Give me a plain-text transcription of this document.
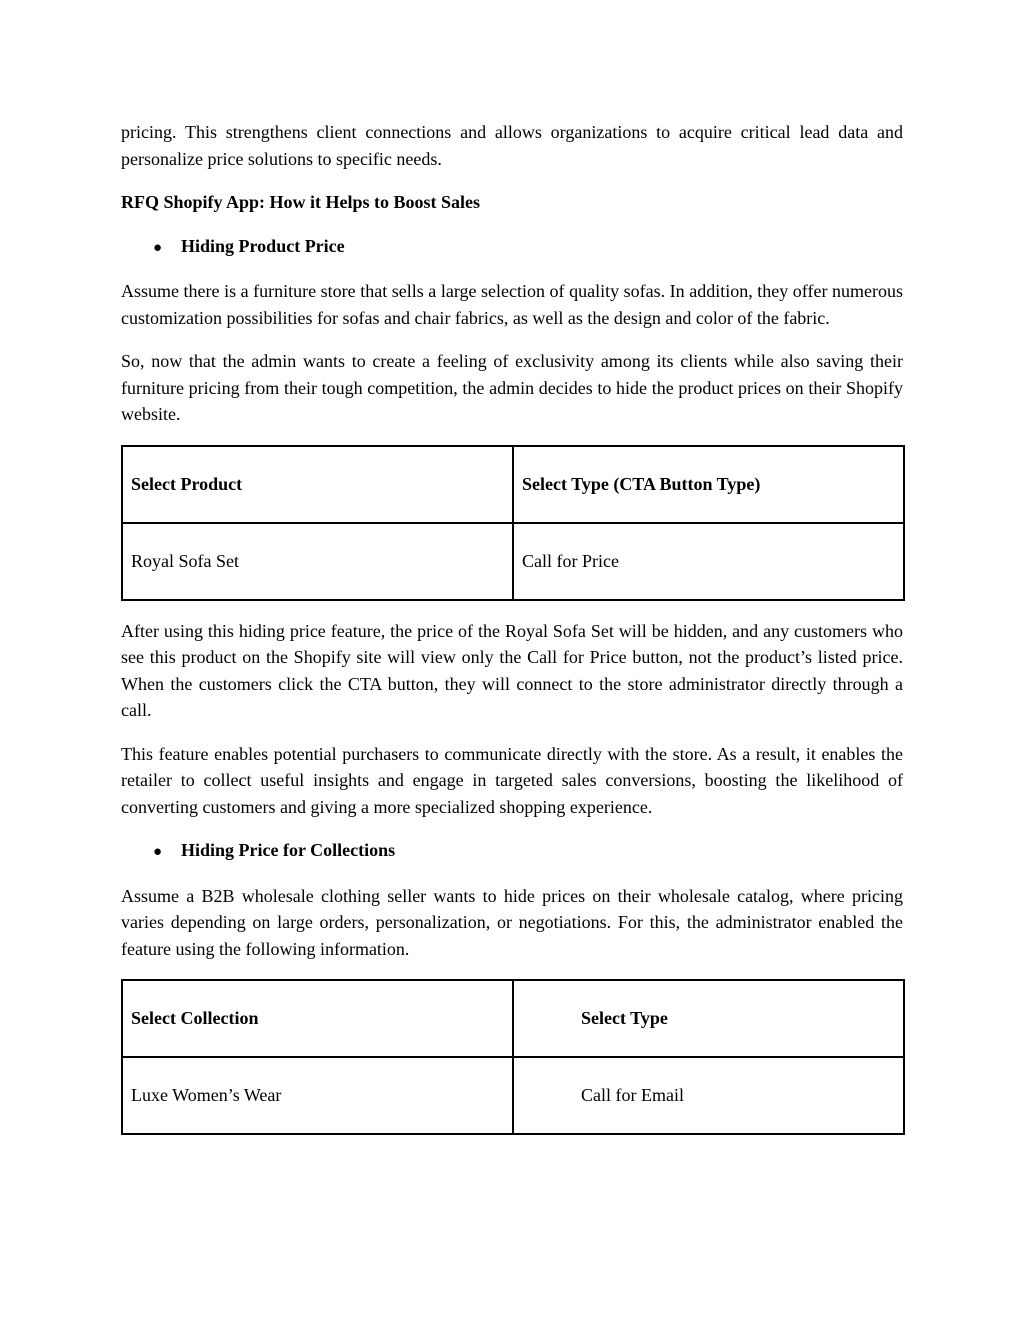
pricing. This strengthens client connections and allows organizations to acquire critical lead data and personalize price solutions to specific needs.

RFQ Shopify App: How it Helps to Boost Sales

●	Hiding Product Price

Assume there is a furniture store that sells a large selection of quality sofas. In addition, they offer numerous customization possibilities for sofas and chair fabrics, as well as the design and color of the fabric.

So, now that the admin wants to create a feeling of exclusivity among its clients while also saving their furniture pricing from their tough competition, the admin decides to hide the product prices on their Shopify website.

Select Product	Select Type (CTA Button Type)
Royal Sofa Set	Call for Price

After using this hiding price feature, the price of the Royal Sofa Set will be hidden, and any customers who see this product on the Shopify site will view only the Call for Price button, not the product’s listed price. When the customers click the CTA button, they will connect to the store administrator directly through a call.

This feature enables potential purchasers to communicate directly with the store. As a result, it enables the retailer to collect useful insights and engage in targeted sales conversions, boosting the likelihood of converting customers and giving a more specialized shopping experience.

●	Hiding Price for Collections

Assume a B2B wholesale clothing seller wants to hide prices on their wholesale catalog, where pricing varies depending on large orders, personalization, or negotiations. For this, the administrator enabled the feature using the following information.

Select Collection	Select Type
Luxe Women’s Wear	Call for Email
